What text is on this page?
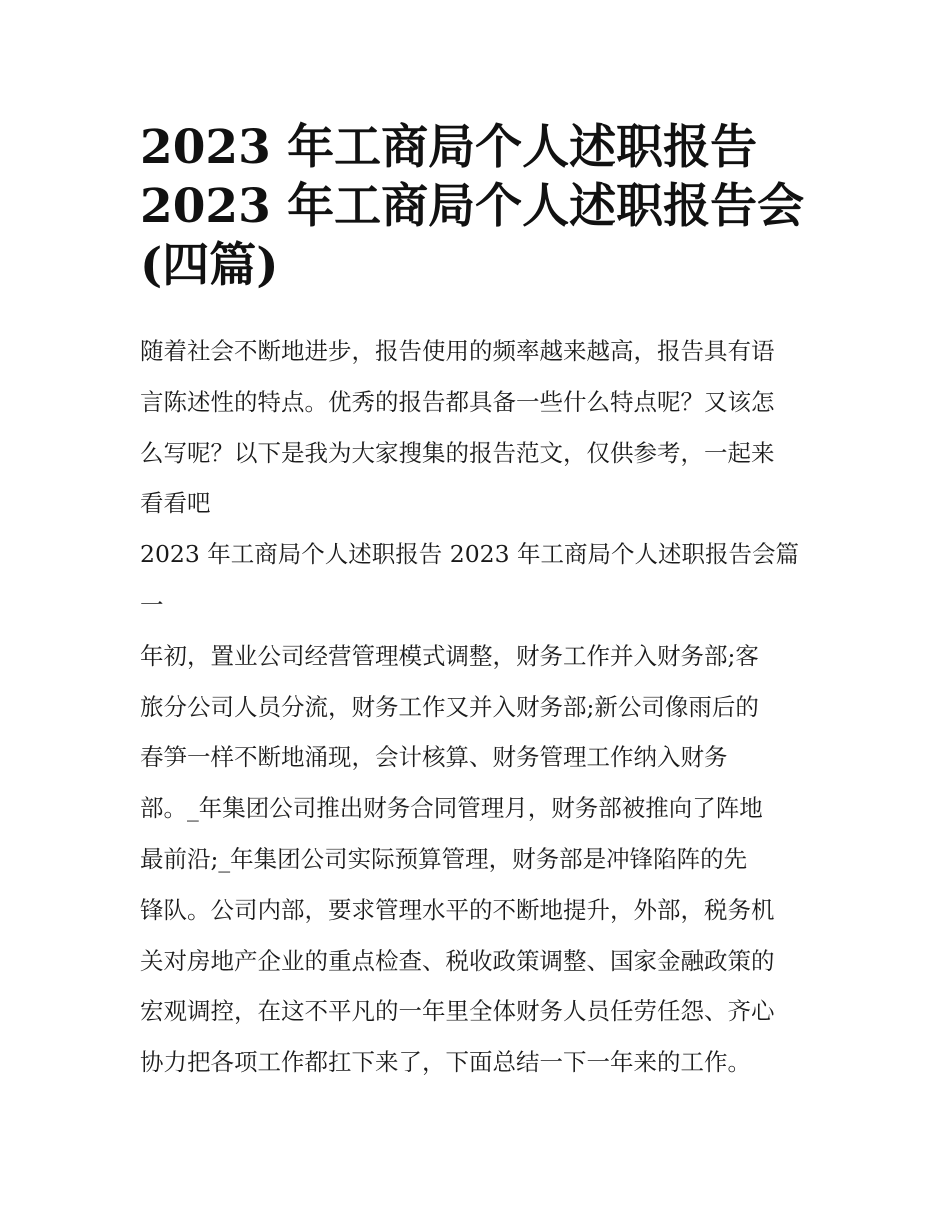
2023 年工商局个人述职报告
2023 年工商局个人述职报告会
(四篇)
随着社会不断地进步，报告使用的频率越来越高，报告具有语
言陈述性的特点。优秀的报告都具备一些什么特点呢？又该怎
么写呢？以下是我为大家搜集的报告范文，仅供参考，一起来
看看吧
2023 年工商局个人述职报告 2023 年工商局个人述职报告会篇
一
年初，置业公司经营管理模式调整，财务工作并入财务部;客
旅分公司人员分流，财务工作又并入财务部;新公司像雨后的
春笋一样不断地涌现，会计核算、财务管理工作纳入财务
部。_年集团公司推出财务合同管理月，财务部被推向了阵地
最前沿;_年集团公司实际预算管理，财务部是冲锋陷阵的先
锋队。公司内部，要求管理水平的不断地提升，外部，税务机
关对房地产企业的重点检查、税收政策调整、国家金融政策的
宏观调控，在这不平凡的一年里全体财务人员任劳任怨、齐心
协力把各项工作都扛下来了，下面总结一下一年来的工作。
